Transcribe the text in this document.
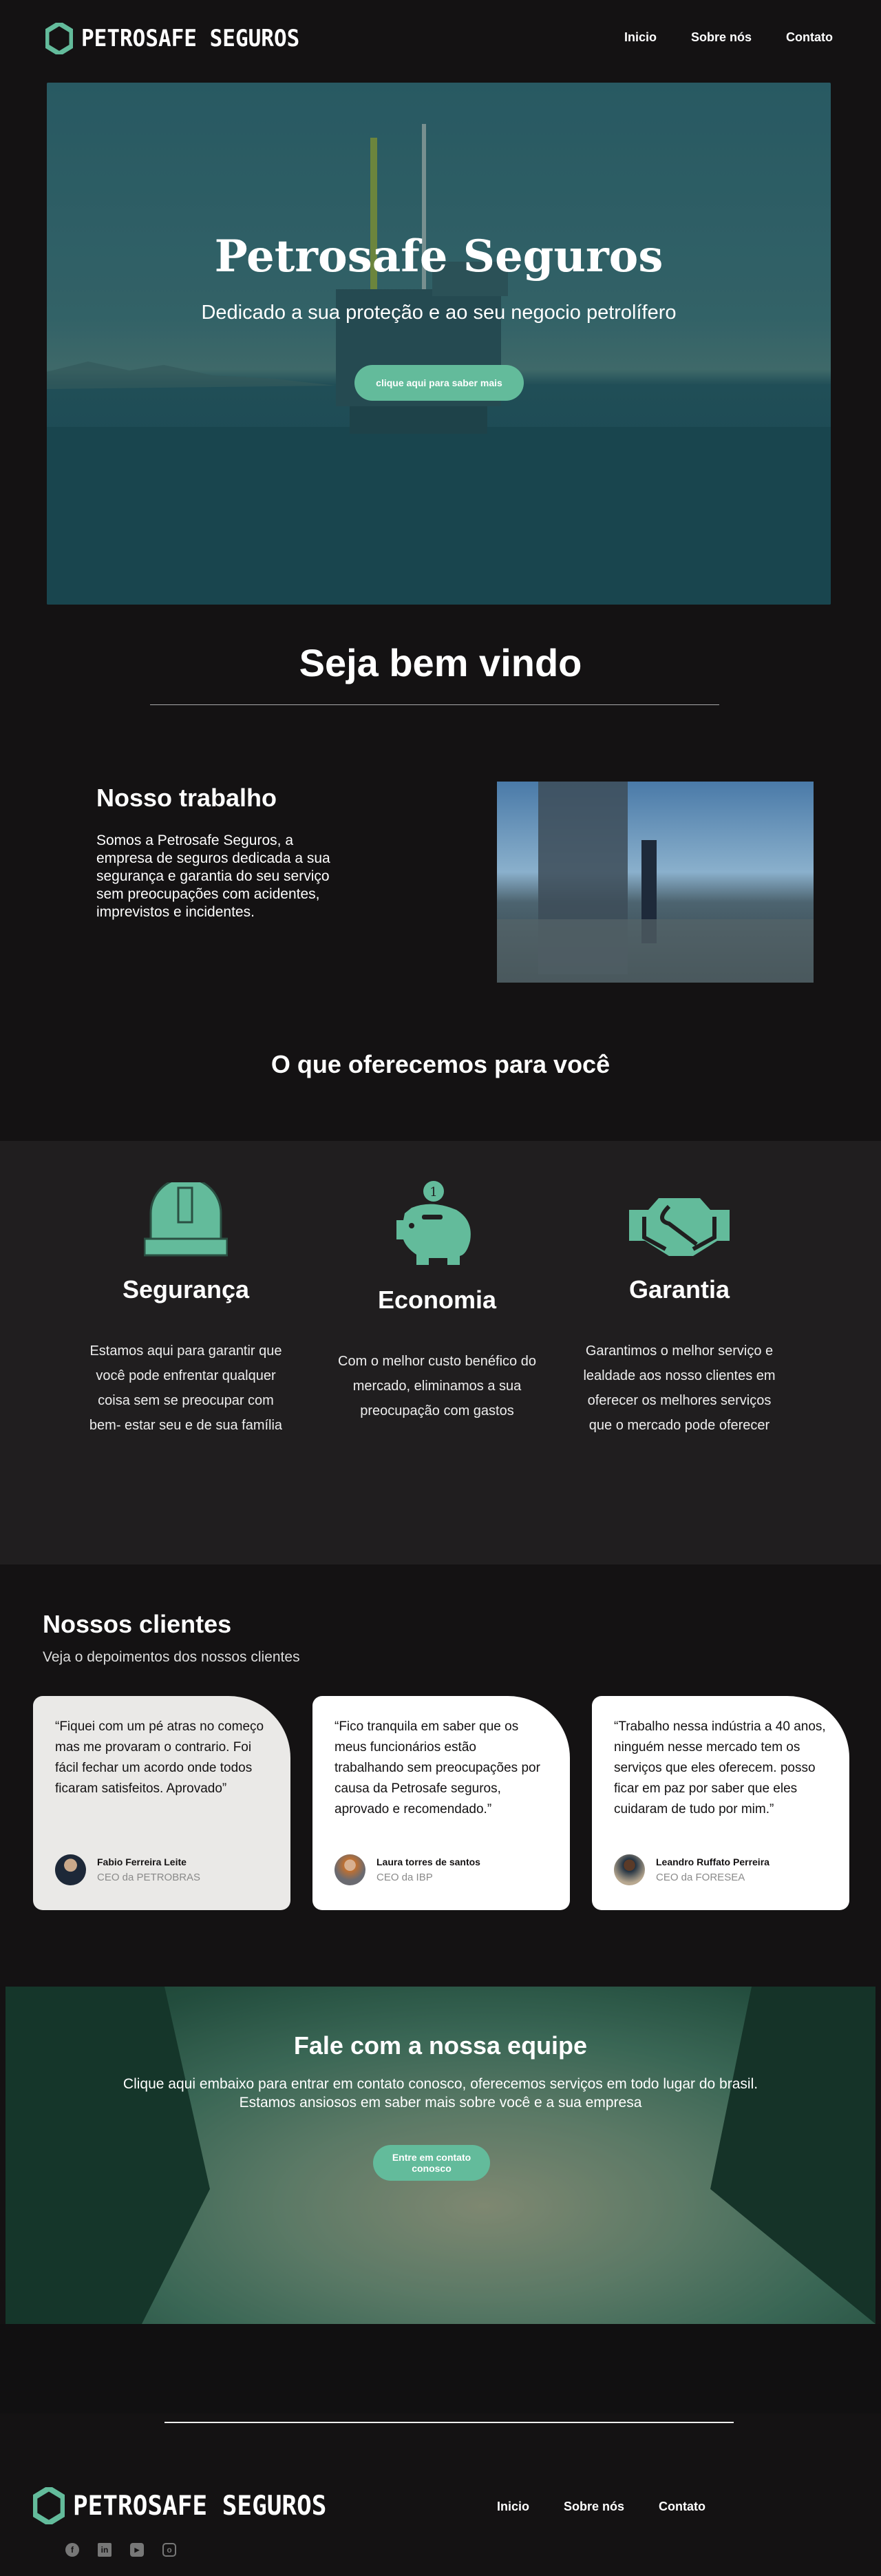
PETROSAFE SEGUROS	Inicio	Sobre nós	Contato
Petrosafe Seguros

Dedicado a sua proteção e ao seu negocio petrolífero

clique aqui para saber mais
Seja bem vindo
Nosso trabalho

Somos a Petrosafe Seguros, a empresa de seguros dedicada a sua segurança e garantia do seu serviço sem preocupações com acidentes, imprevistos e incidentes.

O que oferecemos para você
Segurança

Estamos aqui para garantir que você pode enfrentar qualquer coisa sem se preocupar com bem- estar seu e de sua família

1
Economia

Com o melhor custo benéfico do mercado, eliminamos a sua preocupação com gastos

Garantia

Garantimos o melhor serviço e lealdade aos nosso clientes em oferecer os melhores serviços que o mercado pode oferecer

Nossos clientes

Veja o depoimentos dos nossos clientes

“Fiquei com um pé atras no começo mas me provaram o contrario. Foi fácil fechar um acordo onde todos ficaram satisfeitos. Aprovado”

Fabio Ferreira Leite
CEO da PETROBRAS

“Fico tranquila em saber que os meus funcionários estão trabalhando sem preocupações por causa da Petrosafe seguros, aprovado e recomendado.”

Laura torres de santos
CEO da IBP

“Trabalho nessa indústria a 40 anos, ninguém nesse mercado tem os serviços que eles oferecem. posso ficar em paz por saber que eles cuidaram de tudo por mim.”

Leandro Ruffato Perreira
CEO da FORESEA
Fale com a nossa equipe

Clique aqui embaixo para entrar em contato conosco, oferecemos serviços em todo lugar do brasil. Estamos ansiosos em saber mais sobre você e a sua empresa

Entre em contato conosco
PETROSAFE SEGUROS	Inicio	Sobre nós	Contato
f	in	▶	o
